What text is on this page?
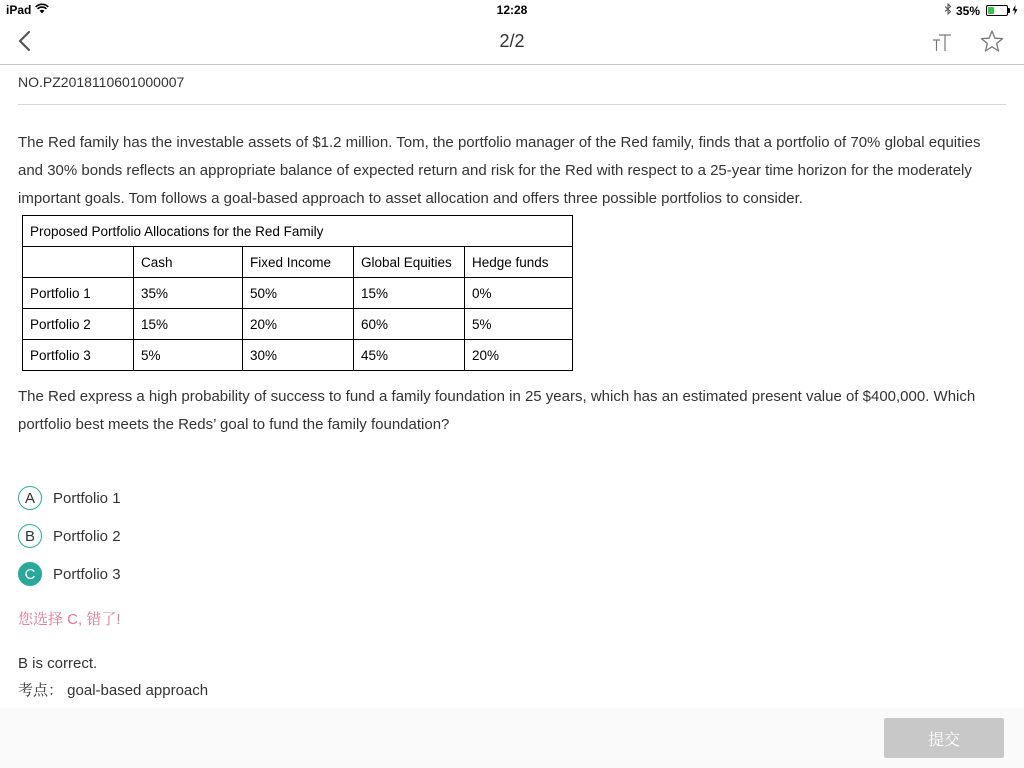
iPad	12:28	35%
2/2
NO.PZ2018110601000007
The Red family has the investable assets of $1.2 million. Tom, the portfolio manager of the Red family, finds that a portfolio of 70% global equities and 30% bonds reflects an appropriate balance of expected return and risk for the Red with respect to a 25-year time horizon for the moderately important goals. Tom follows a goal-based approach to asset allocation and offers three possible portfolios to consider.
Proposed Portfolio Allocations for the Red Family				
	Cash	Fixed Income	Global Equities	Hedge funds
Portfolio 1	35%	50%	15%	0%
Portfolio 2	15%	20%	60%	5%
Portfolio 3	5%	30%	45%	20%
The Red express a high probability of success to fund a family foundation in 25 years, which has an estimated present value of $400,000. Which portfolio best meets the Reds’ goal to fund the family foundation?
A	Portfolio 1
B	Portfolio 2
C	Portfolio 3
您选择 C, 错了!
B is correct.
考点： goal-based approach
提交
